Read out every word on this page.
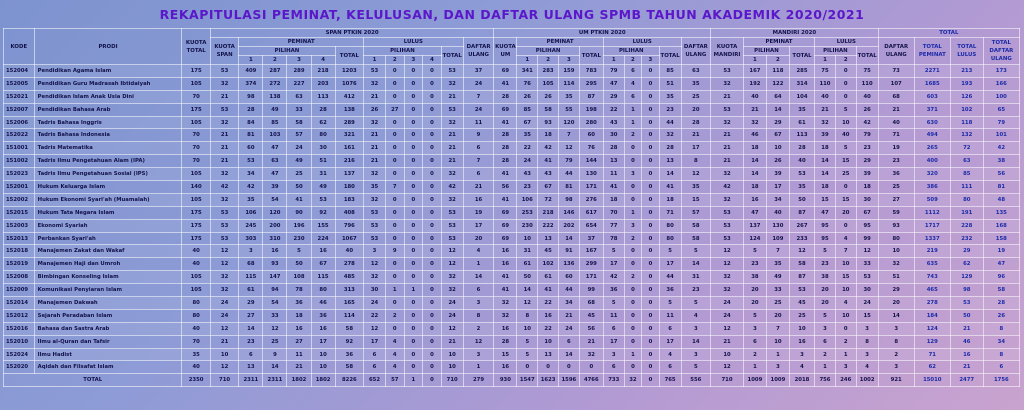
REKAPITULASI PEMINAT, KELULUSAN, DAN DAFTAR ULANG SPMB TAHUN AKADEMIK 2020/2021
KODE	PRODI	KUOTA TOTAL	SPAN PTKIN 2020												UM PTKIN 2020										MANDIRI 2020							TOTAL			
			KUOTA SPAN	PEMINAT					LULUS					DAFTAR ULANG	KUOTA UM	PEMINAT				LULUS				DAFTAR ULANG	KUOTA MANDIRI	PEMINAT			LULUS			DAFTAR ULANG	TOTAL PEMINAT	TOTAL LULUS	TOTAL DAFTAR ULANG
				PILIHAN				TOTAL	PILIHAN				TOTAL			PILIHAN			TOTAL	PILIHAN			TOTAL			PILIHAN		TOTAL	PILIHAN		TOTAL				
				1	2	3	4		1	2	3	4				1	2	3		1	2	3				1	2		1	2					
152004	Pendidikan Agama Islam	175	53	409	287	289	218	1203	53	0	0	0	53	37	69	341	283	159	783	79	6	0	85	63	53	167	118	285	75	0	75	73	2271	213	173
152005	Pendidikan Guru Madrasah Ibtidaiyah	105	32	374	272	227	203	1076	32	0	0	0	32	24	41	76	105	114	295	47	4	0	51	35	32	192	122	314	110	0	110	107	1685	193	166
152021	Pendidikan Islam Anak Usia Dini	70	21	98	138	63	113	412	21	0	0	0	21	7	28	26	26	35	87	29	6	0	35	25	21	40	64	104	40	0	40	68	603	126	100
152007	Pendidikan Bahasa Arab	175	53	28	49	33	28	138	26	27	0	0	53	24	69	85	58	55	198	22	1	0	23	20	53	21	14	35	21	5	26	21	371	102	65
152006	Tadris Bahasa Inggris	105	32	84	85	58	62	289	32	0	0	0	32	11	41	67	93	120	280	43	1	0	44	28	32	32	29	61	32	10	42	40	630	118	79
152022	Tadris Bahasa Indonesia	70	21	81	103	57	80	321	21	0	0	0	21	9	28	35	18	7	60	30	2	0	32	21	21	46	67	113	39	40	79	71	494	132	101
151001	Tadris Matematika	70	21	60	47	24	30	161	21	0	0	0	21	6	28	22	42	12	76	28	0	0	28	17	21	18	10	28	18	5	23	19	265	72	42
151002	Tadris Ilmu Pengetahuan Alam (IPA)	70	21	53	63	49	51	216	21	0	0	0	21	7	28	24	41	79	144	13	0	0	13	8	21	14	26	40	14	15	29	23	400	63	38
152023	Tadris Ilmu Pengetahuan Sosial (IPS)	105	32	34	47	25	31	137	32	0	0	0	32	6	41	43	43	44	130	11	3	0	14	12	32	14	39	53	14	25	39	36	320	85	56
152001	Hukum Keluarga Islam	140	42	42	39	50	49	180	35	7	0	0	42	21	56	23	67	81	171	41	0	0	41	35	42	18	17	35	18	0	18	25	386	111	81
152002	Hukum Ekonomi Syari'ah (Muamalah)	105	32	35	54	41	53	183	32	0	0	0	32	16	41	106	72	98	276	18	0	0	18	15	32	16	34	50	15	15	30	27	509	80	48
152015	Hukum Tata Negara Islam	175	53	106	120	90	92	408	53	0	0	0	53	19	69	253	218	146	617	70	1	0	71	57	53	47	40	87	47	20	67	59	1112	191	135
152003	Ekonomi Syariah	175	53	245	200	196	155	796	53	0	0	0	53	17	69	230	222	202	654	77	3	0	80	58	53	137	130	267	95	0	95	93	1717	228	168
152013	Perbankan Syari'ah	175	53	303	310	230	224	1067	53	0	0	0	53	20	69	10	13	14	37	78	2	0	80	58	53	124	109	233	95	4	99	80	1337	232	158
152018	Manajemen Zakat dan Wakaf	40	12	3	16	5	16	40	3	9	0	0	12	4	16	31	45	91	167	5	0	0	5	5	12	5	7	12	5	7	12	10	219	29	19
152019	Manajemen Haji dan Umroh	40	12	68	93	50	67	278	12	0	0	0	12	1	16	61	102	136	299	17	0	0	17	14	12	23	35	58	23	10	33	32	635	62	47
152008	Bimbingan Konseling Islam	105	32	115	147	108	115	485	32	0	0	0	32	14	41	50	61	60	171	42	2	0	44	31	32	38	49	87	38	15	53	51	743	129	96
152009	Komunikasi Penyiaran Islam	105	32	61	94	78	80	313	30	1	1	0	32	6	41	14	41	44	99	36	0	0	36	23	32	20	33	53	20	10	30	29	465	98	58
152014	Manajemen Dakwah	80	24	29	54	36	46	165	24	0	0	0	24	3	32	12	22	34	68	5	0	0	5	5	24	20	25	45	20	4	24	20	278	53	28
152012	Sejarah Peradaban Islam	80	24	27	33	18	36	114	22	2	0	0	24	8	32	8	16	21	45	11	0	0	11	4	24	5	20	25	5	10	15	14	184	50	26
152016	Bahasa dan Sastra Arab	40	12	14	12	16	16	58	12	0	0	0	12	2	16	10	22	24	56	6	0	0	6	3	12	3	7	10	3	0	3	3	124	21	8
152010	Ilmu al-Quran dan Tafsir	70	21	23	25	27	17	92	17	4	0	0	21	12	28	5	10	6	21	17	0	0	17	14	21	6	10	16	6	2	8	8	129	46	34
152024	Ilmu Hadist	35	10	6	9	11	10	36	6	4	0	0	10	3	15	5	13	14	32	3	1	0	4	3	10	2	1	3	2	1	3	2	71	16	8
152020	Aqidah dan Filsafat Islam	40	12	13	14	21	10	58	6	4	0	0	10	1	16	0	0	0	0	6	0	0	6	5	12	1	3	4	1	3	4	3	62	21	6
TOTAL		2350	710	2311	2311	1802	1802	8226	652	57	1	0	710	279	930	1547	1623	1596	4766	733	32	0	765	556	710	1009	1009	2018	756	246	1002	921	15010	2477	1756
